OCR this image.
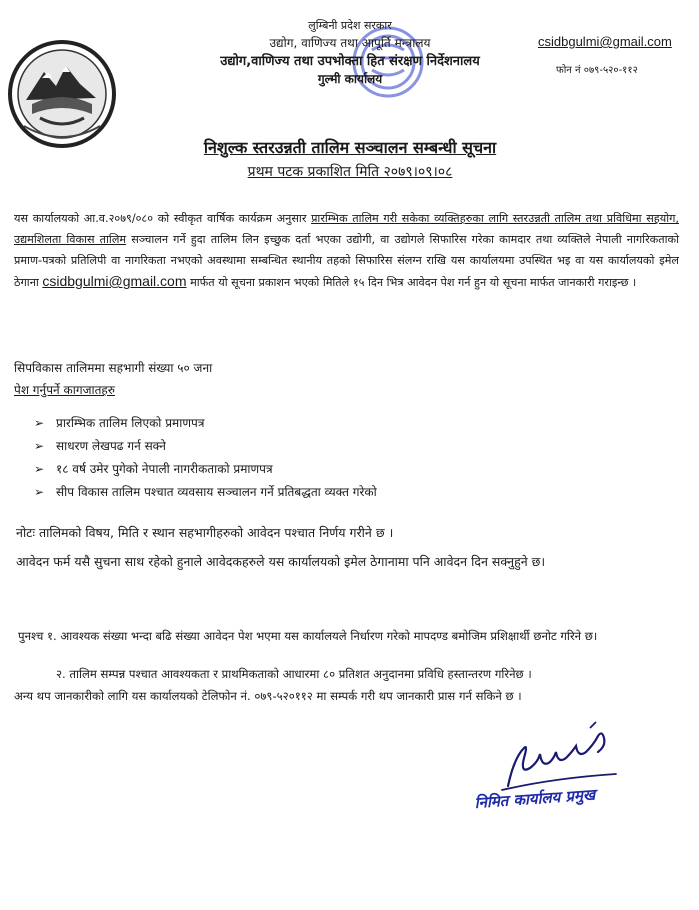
लुम्बिनी प्रदेश सरकार
उद्योग, वाणिज्य तथा आपूर्ति मन्त्रालय
उद्योग,वाणिज्य तथा उपभोक्ता हित संरक्षण निर्देशनालय
गुल्मी कार्यालय
csidbgulmi@gmail.com
फोन नं ०७९-५२०-११२
निशुल्क स्तरउन्नती तालिम सञ्चालन सम्बन्धी सूचना
प्रथम पटक प्रकाशित मिति २०७९।०९।०८
यस कार्यालयको आ.व.२०७९/०८० को स्वीकृत वार्षिक कार्यक्रम अनुसार प्रारम्भिक तालिम गरी सकेका व्यक्तिहरुका लागि स्तरउन्नती तालिम तथा प्रविधिमा सहयोग, उद्यमशिलता विकास तालिम सञ्चालन गर्ने हुदा तालिम लिन इच्छुक दर्ता भएका उद्योगी, वा उद्योगले सिफारिस गरेका कामदार तथा व्यक्तिले नेपाली नागरिकताको प्रमाण-पत्रको प्रतिलिपी वा नागरिकता नभएको अवस्थामा सम्बन्धित स्थानीय तहको सिफारिस संलग्न राखि यस कार्यालयमा उपस्थित भइ वा यस कार्यालयको इमेल ठेगाना csidbgulmi@gmail.com मार्फत यो सूचना प्रकाशन भएको मितिले १५ दिन भित्र आवेदन पेश गर्न हुन यो सूचना मार्फत जानकारी गराइन्छ ।
सिपविकास तालिममा सहभागी संख्या ५० जना
पेश गर्नुपर्ने कागजातहरु
➢ प्रारम्भिक तालिम लिएको प्रमाणपत्र
➢ साधरण लेखपढ गर्न सक्ने
➢ १८ वर्ष उमेर पुगेको नेपाली नागरीकताको प्रमाणपत्र
➢ सीप विकास तालिम पश्चात व्यवसाय सञ्चालन गर्ने प्रतिबद्धता व्यक्त गरेको
नोटः तालिमको विषय, मिति र स्थान सहभागीहरुको आवेदन पश्चात निर्णय गरीने छ ।
आवेदन फर्म यसै सुचना साथ रहेको हुनाले आवेदकहरुले यस कार्यालयको इमेल ठेगानामा पनि आवेदन दिन सक्नुहुने छ।
पुनश्च १. आवश्यक संख्या भन्दा बढि संख्या आवेदन पेश भएमा यस कार्यालयले निर्धारण गरेको मापदण्ड बमोजिम प्रशिक्षार्थी छनोट गरिने छ।
२. तालिम सम्पन्न पश्चात आवश्यकता र प्राथमिकताको आधारमा ८० प्रतिशत अनुदानमा प्रविधि हस्तान्तरण गरिनेछ ।
अन्य थप जानकारीको लागि यस कार्यालयको टेलिफोन नं. ०७९-५२०११२ मा सम्पर्क गरी थप जानकारी प्रास गर्न सकिने छ ।
निमित कार्यालय प्रमुख
